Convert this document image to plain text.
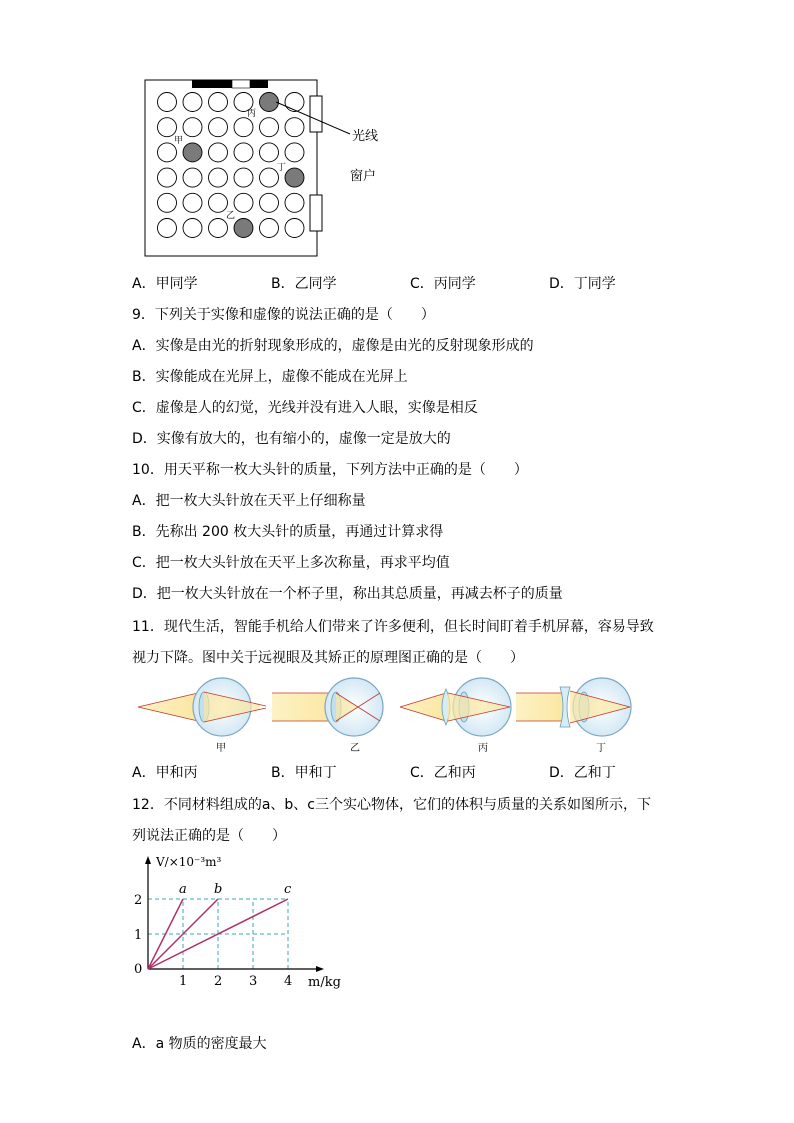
丙
甲
丁
乙
光线
窗户
A．甲同学	B．乙同学	C．丙同学	D．丁同学
9．下列关于实像和虚像的说法正确的是（　　）
A．实像是由光的折射现象形成的，虚像是由光的反射现象形成的
B．实像能成在光屏上，虚像不能成在光屏上
C．虚像是人的幻觉，光线并没有进入人眼，实像是相反
D．实像有放大的，也有缩小的，虚像一定是放大的
10．用天平称一枚大头针的质量，下列方法中正确的是（　　）
A．把一枚大头针放在天平上仔细称量
B．先称出 200 枚大头针的质量，再通过计算求得
C．把一枚大头针放在天平上多次称量，再求平均值
D．把一枚大头针放在一个杯子里，称出其总质量，再减去杯子的质量
11．现代生活，智能手机给人们带来了许多便利，但长时间盯着手机屏幕，容易导致
视力下降。图中关于远视眼及其矫正的原理图正确的是（　　）
甲	乙	丙	丁
A．甲和丙	B．甲和丁	C．乙和丙	D．乙和丁
12．不同材料组成的a、b、c三个实心物体，它们的体积与质量的关系如图所示，下
列说法正确的是（　　）
a b	c
1 2 3 4
1
2
0
V/×10⁻³m³
m/kg
A．a 物质的密度最大
